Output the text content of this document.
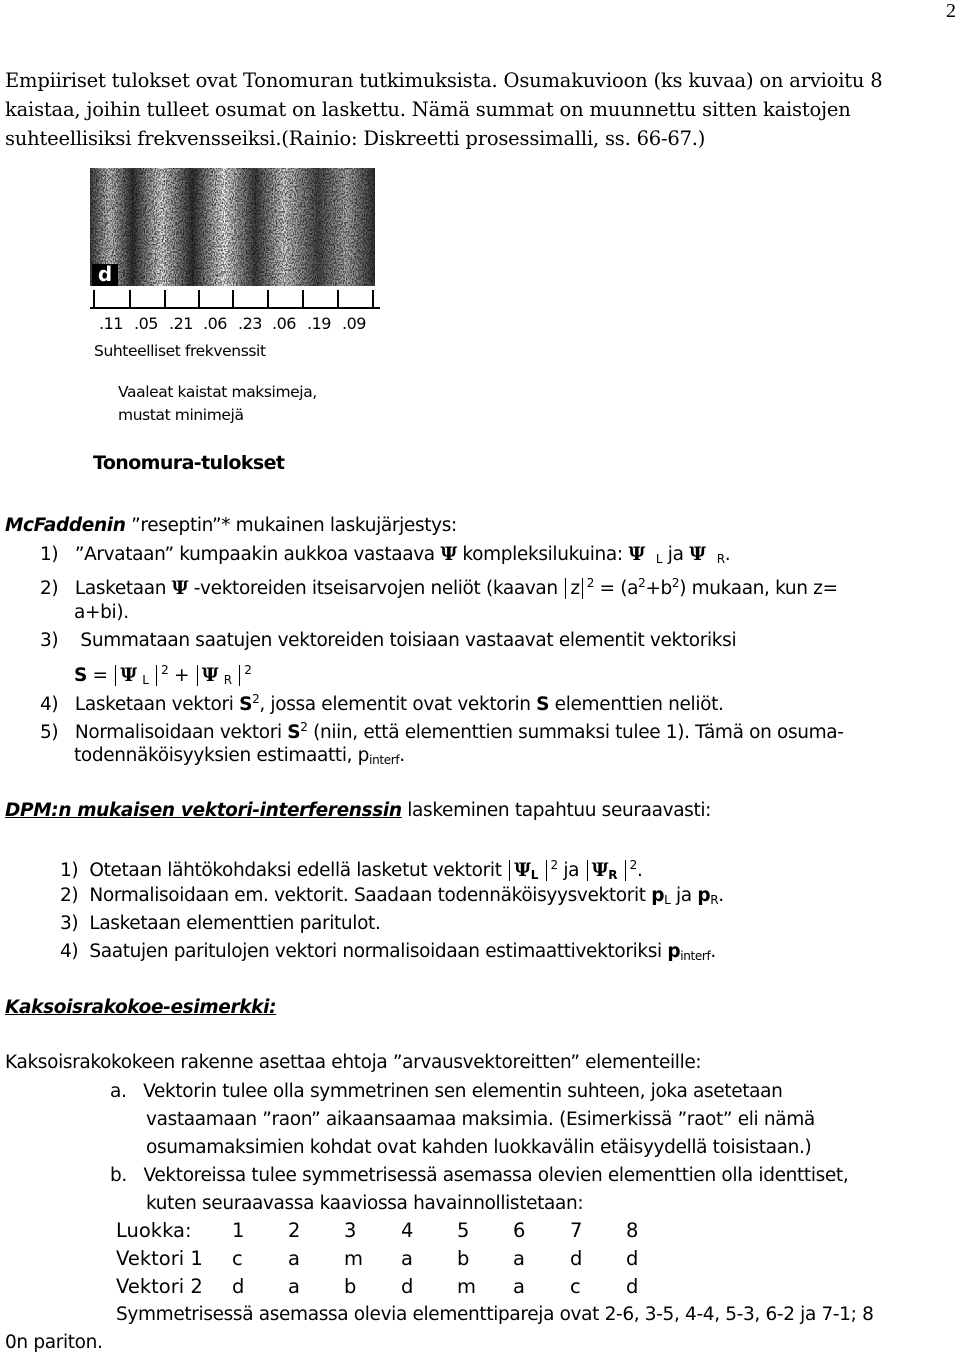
2
Empiiriset tulokset ovat Tonomuran tutkimuksista. Osumakuvioon (ks kuvaa) on arvioitu 8
kaistaa, joihin tulleet osumat on laskettu. Nämä summat on muunnettu sitten kaistojen
suhteellisiksi frekvensseiksi.(Rainio: Diskreetti prosessimalli, ss. 66-67.)
d
.11 .05 .21 .06 .23 .06 .19 .09
Suhteelliset frekvenssit
Vaaleat kaistat maksimeja,
mustat minimejä
Tonomura-tulokset
McFaddenin ”reseptin”* mukainen laskujärjestys:
1) ”Arvataan” kumpaakin aukkoa vastaava Ψ kompleksilukuina: Ψ $_L$ ja Ψ $_R$.
2) Lasketaan Ψ -vektoreiden itseisarvojen neliöt (kaavan z $^2 = (a^2+b^2)$ mukaan, kun z=
a+bi).
3) Summataan saatujen vektoreiden toisiaan vastaavat elementit vektoriksi
S = Ψ $_L$ $^2$ + Ψ $_R$ $^2$
4) Lasketaan vektori $S^2$, jossa elementit ovat vektorin S elementtien neliöt.
5) Normalisoidaan vektori $S^2$ (niin, että elementtien summaksi tulee 1). Tämä on osuma-
todennäköisyyksien estimaatti, $p_{interf}$.
DPM:n mukaisen vektori-interferenssin laskeminen tapahtuu seuraavasti:
1) Otetaan lähtökohdaksi edellä lasketut vektorit $\Psi_L$ $^2$ ja $\Psi_R$ $^2$.
2) Normalisoidaan em. vektorit. Saadaan todennäköisyysvektorit $p_L$ ja $p_R$.
3) Lasketaan elementtien paritulot.
4) Saatujen paritulojen vektori normalisoidaan estimaattivektoriksi $p_{interf}$.
Kaksoisrakokoe-esimerkki:
Kaksoisrakokokeen rakenne asettaa ehtoja ”arvausvektoreitten” elementeille:
a. Vektorin tulee olla symmetrinen sen elementin suhteen, joka asetetaan
vastaamaan ”raon” aikaansaamaa maksimia. (Esimerkissä ”raot” eli nämä
osumamaksimien kohdat ovat kahden luokkavälin etäisyydellä toisistaan.)
b. Vektoreissa tulee symmetrisessä asemassa olevien elementtien olla identtiset,
kuten seuraavassa kaaviossa havainnollistetaan:
Luokka:	1	2	3	4	5	6	7	8
Vektori 1	c	a	m	a	b	a	d	d
Vektori 2	d	a	b	d	m	a	c	d
Symmetrisessä asemassa olevia elementtipareja ovat 2-6, 3-5, 4-4, 5-3, 6-2 ja 7-1; 8
0n pariton.
